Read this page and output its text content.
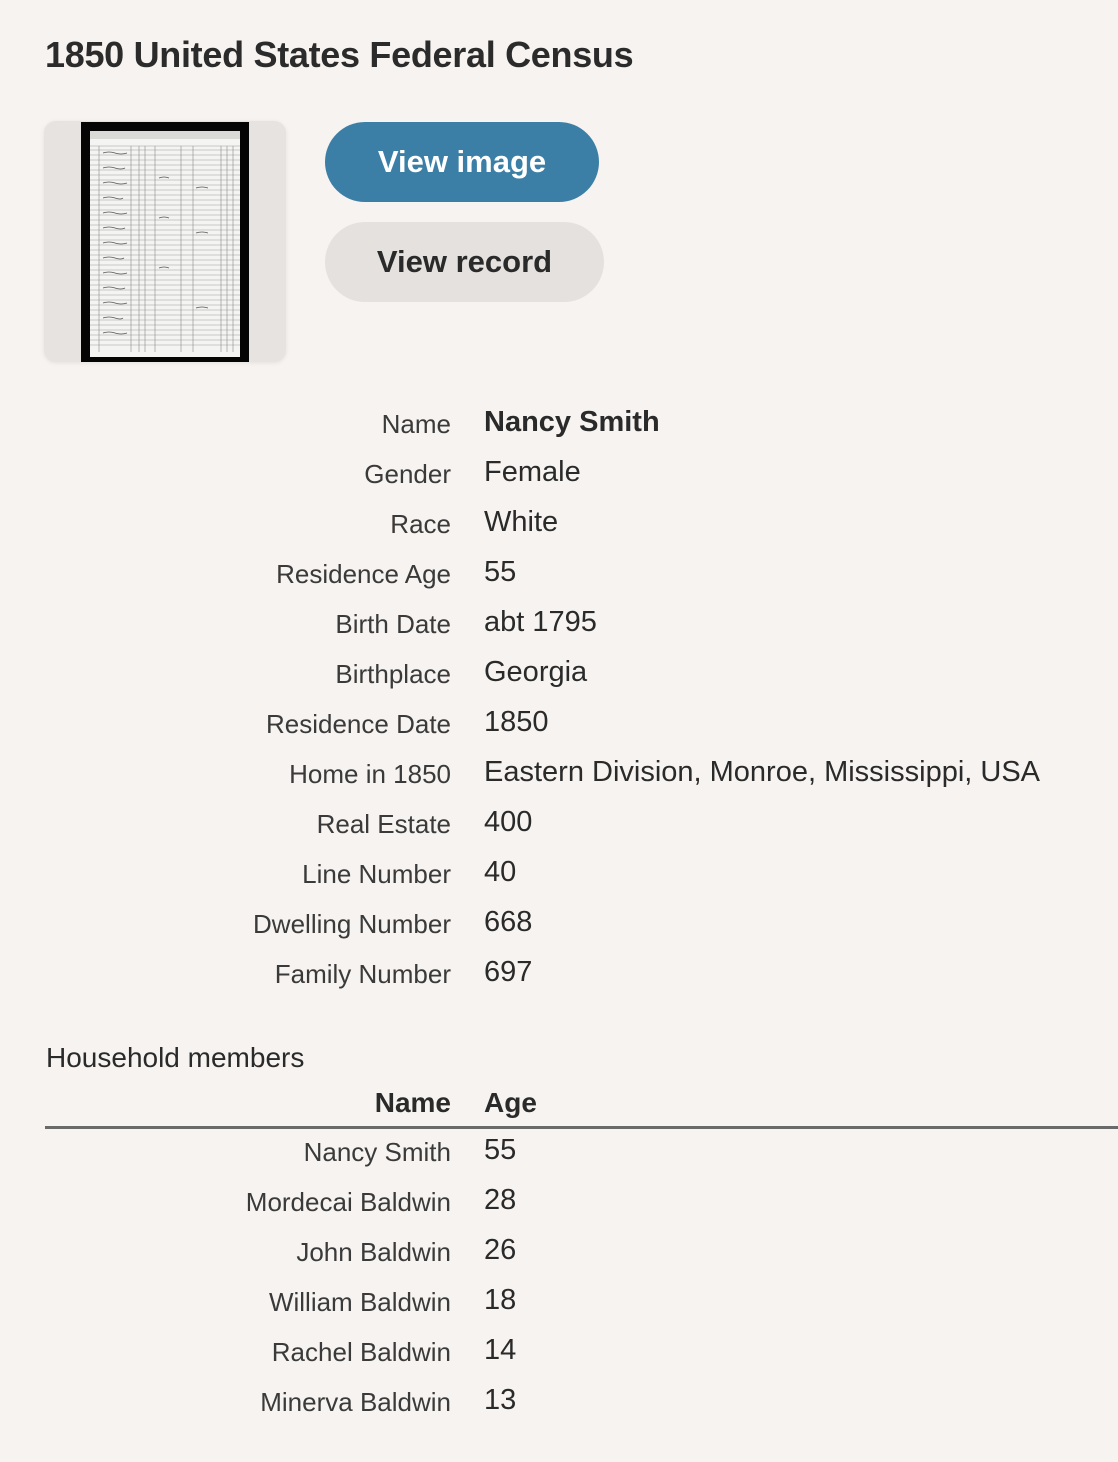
1850 United States Federal Census
View image
View record
Name Nancy Smith
Gender Female
Race White
Residence Age 55
Birth Date abt 1795
Birthplace Georgia
Residence Date 1850
Home in 1850 Eastern Division, Monroe, Mississippi, USA
Real Estate 400
Line Number 40
Dwelling Number 668
Family Number 697
Household members
Name Age
Nancy Smith 55
Mordecai Baldwin 28
John Baldwin 26
William Baldwin 18
Rachel Baldwin 14
Minerva Baldwin 13
